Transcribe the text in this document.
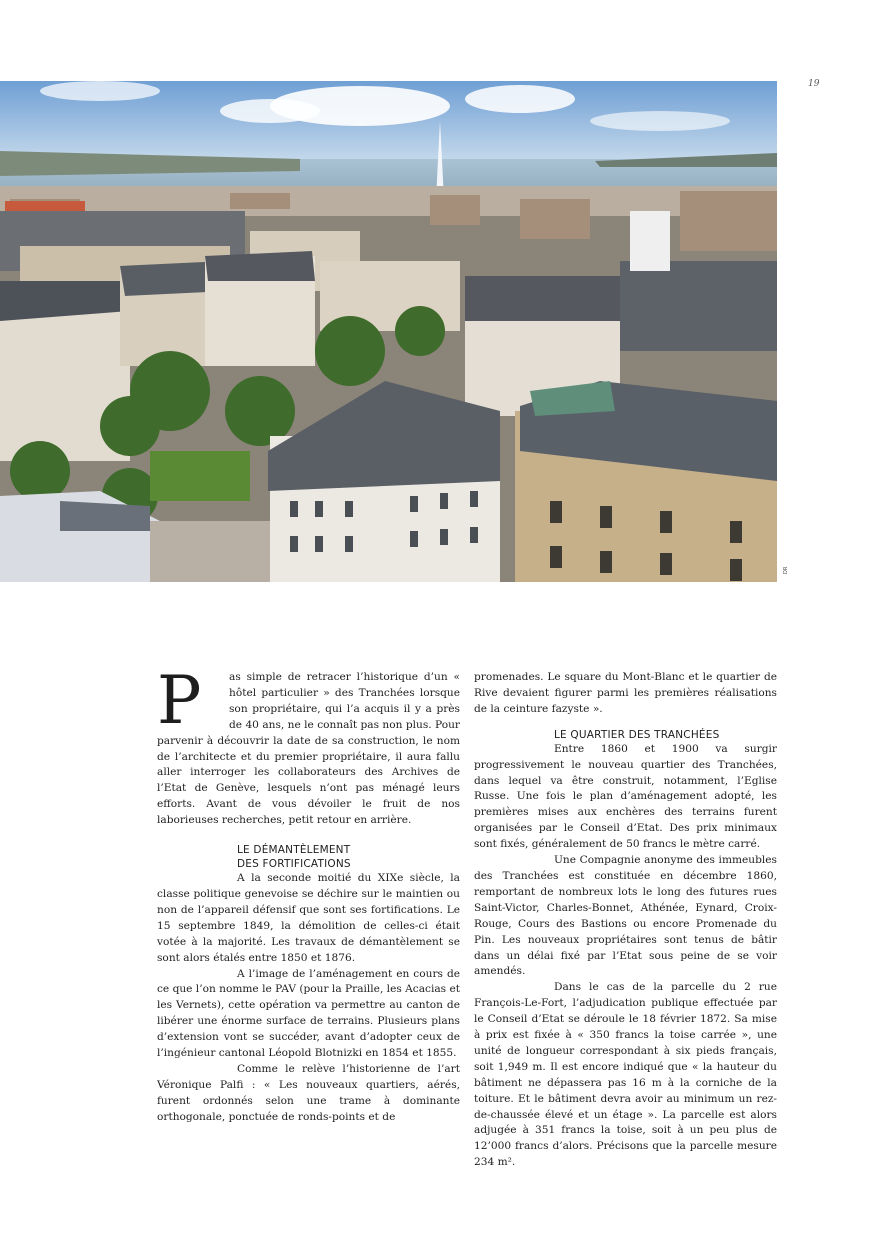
19
DR
P	as simple de retracer l’historique d’un « hôtel particulier » des Tranchées lorsque son propriétaire, qui l’a acquis il y a près de 40 ans, ne le connaît pas non plus. Pour parvenir à découvrir la date de sa construction, le nom de l’architecte et du premier propriétaire, il aura fallu aller interroger les collaborateurs des Archives de l’Etat de Genève, lesquels n’ont pas ménagé leurs efforts. Avant de vous dévoiler le fruit de nos laborieuses recherches, petit retour en arrière.

LE DÉMANTÈLEMENT
DES FORTIFICATIONS

A la seconde moitié du XIXe siècle, la classe politique genevoise se déchire sur le maintien ou non de l’appareil défensif que sont ses fortifications. Le 15 septembre 1849, la démolition de celles-ci était votée à la majorité. Les travaux de démantèlement se sont alors étalés entre 1850 et 1876.

A l’image de l’aménagement en cours de ce que l’on nomme le PAV (pour la Praille, les Acacias et les Vernets), cette opération va permettre au canton de libérer une énorme surface de terrains. Plusieurs plans d’extension vont se succéder, avant d’adopter ceux de l’ingénieur cantonal Léopold Blotnizki en 1854 et 1855.

Comme le relève l’historienne de l’art Véronique Palfi : « Les nouveaux quartiers, aérés, furent ordonnés selon une trame à dominante orthogonale, ponctuée de ronds-points et de

promenades. Le square du Mont-Blanc et le quartier de Rive devaient figurer parmi les premières réalisations de la ceinture fazyste ».

LE QUARTIER DES TRANCHÉES

Entre 1860 et 1900 va surgir progressivement le nouveau quartier des Tranchées, dans lequel va être construit, notamment, l’Eglise Russe. Une fois le plan d’aménagement adopté, les premières mises aux enchères des terrains furent organisées par le Conseil d’Etat. Des prix minimaux sont fixés, généralement de 50 francs le mètre carré.

Une Compagnie anonyme des immeubles des Tranchées est constituée en décembre 1860, remportant de nombreux lots le long des futures rues Saint-Victor, Charles-Bonnet, Athénée, Eynard, Croix-Rouge, Cours des Bastions ou encore Promenade du Pin. Les nouveaux propriétaires sont tenus de bâtir dans un délai fixé par l’Etat sous peine de se voir amendés.

Dans le cas de la parcelle du 2 rue François-Le-Fort, l’adjudication publique effectuée par le Conseil d’Etat se déroule le 18 février 1872. Sa mise à prix est fixée à « 350 francs la toise carrée », une unité de longueur correspondant à six pieds français, soit 1,949 m. Il est encore indiqué que « la hauteur du bâtiment ne dépassera pas 16 m à la corniche de la toiture. Et le bâtiment devra avoir au minimum un rez-de-chaussée élevé et un étage ». La parcelle est alors adjugée à 351 francs la toise, soit à un peu plus de 12’000 francs d’alors. Précisons que la parcelle mesure 234 m².
